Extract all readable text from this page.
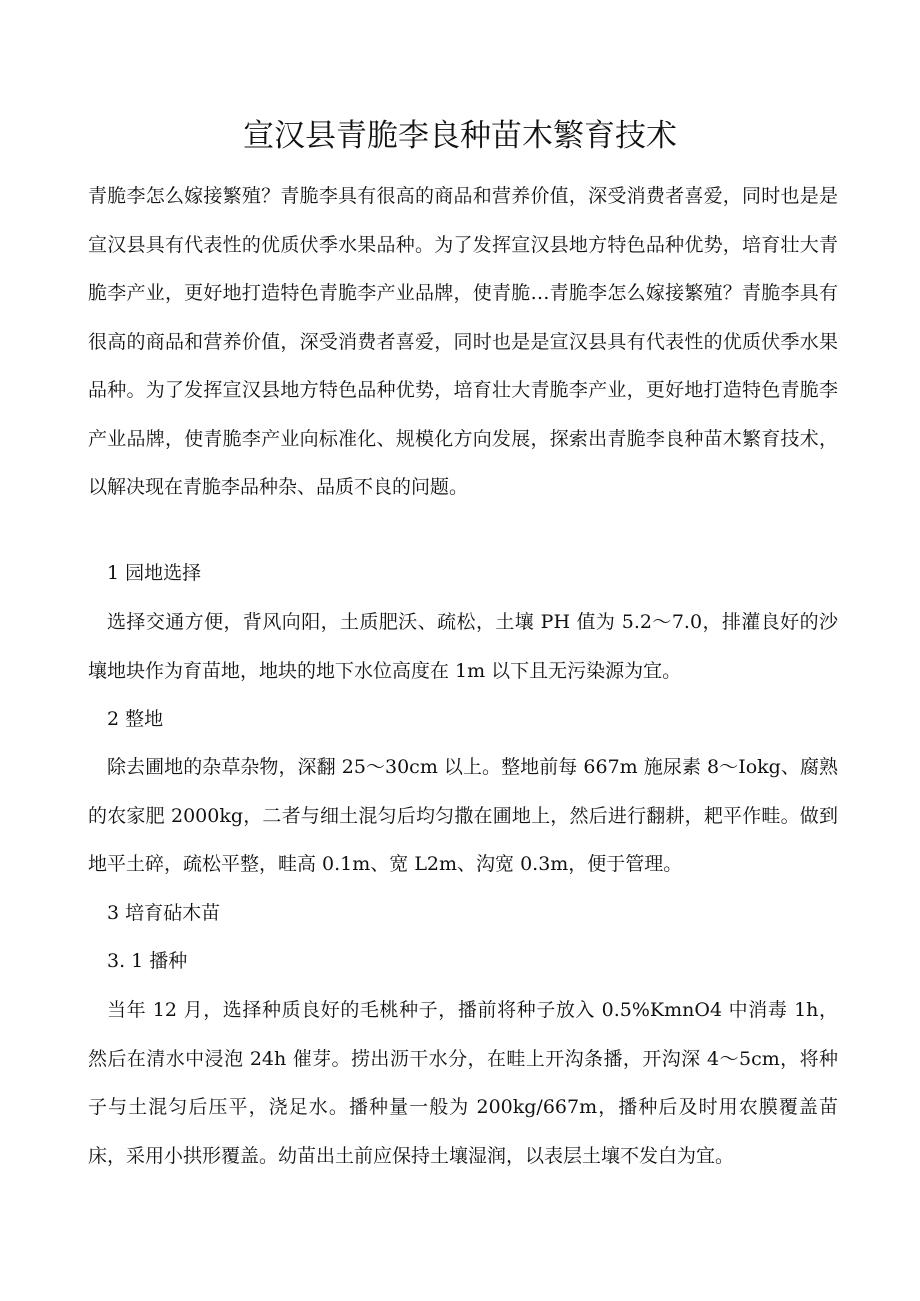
宣汉县青脆李良种苗木繁育技术

青脆李怎么嫁接繁殖？青脆李具有很高的商品和营养价值，深受消费者喜爱，同时也是是宣汉县具有代表性的优质伏季水果品种。为了发挥宣汉县地方特色品种优势，培育壮大青脆李产业，更好地打造特色青脆李产业品牌，使青脆…青脆李怎么嫁接繁殖？青脆李具有很高的商品和营养价值，深受消费者喜爱，同时也是是宣汉县具有代表性的优质伏季水果品种。为了发挥宣汉县地方特色品种优势，培育壮大青脆李产业，更好地打造特色青脆李产业品牌，使青脆李产业向标准化、规模化方向发展，探索出青脆李良种苗木繁育技术，以解决现在青脆李品种杂、品质不良的问题。

1 园地选择

选择交通方便，背风向阳，土质肥沃、疏松，土壤 PH 值为 5.2～7.0，排灌良好的沙壤地块作为育苗地，地块的地下水位高度在 1m 以下且无污染源为宜。

2 整地

除去圃地的杂草杂物，深翻 25～30cm 以上。整地前每 667m 施尿素 8～Iokg、腐熟的农家肥 2000kg，二者与细土混匀后均匀撒在圃地上，然后进行翻耕，耙平作畦。做到地平土碎，疏松平整，畦高 0.1m、宽 L2m、沟宽 0.3m，便于管理。

3 培育砧木苗

3. 1 播种

当年 12 月，选择种质良好的毛桃种子，播前将种子放入 0.5%KmnO4 中消毒 1h，然后在清水中浸泡 24h 催芽。捞出沥干水分，在畦上开沟条播，开沟深 4～5cm，将种子与土混匀后压平，浇足水。播种量一般为 200kg/667m，播种后及时用农膜覆盖苗床，采用小拱形覆盖。幼苗出土前应保持土壤湿润，以表层土壤不发白为宜。
